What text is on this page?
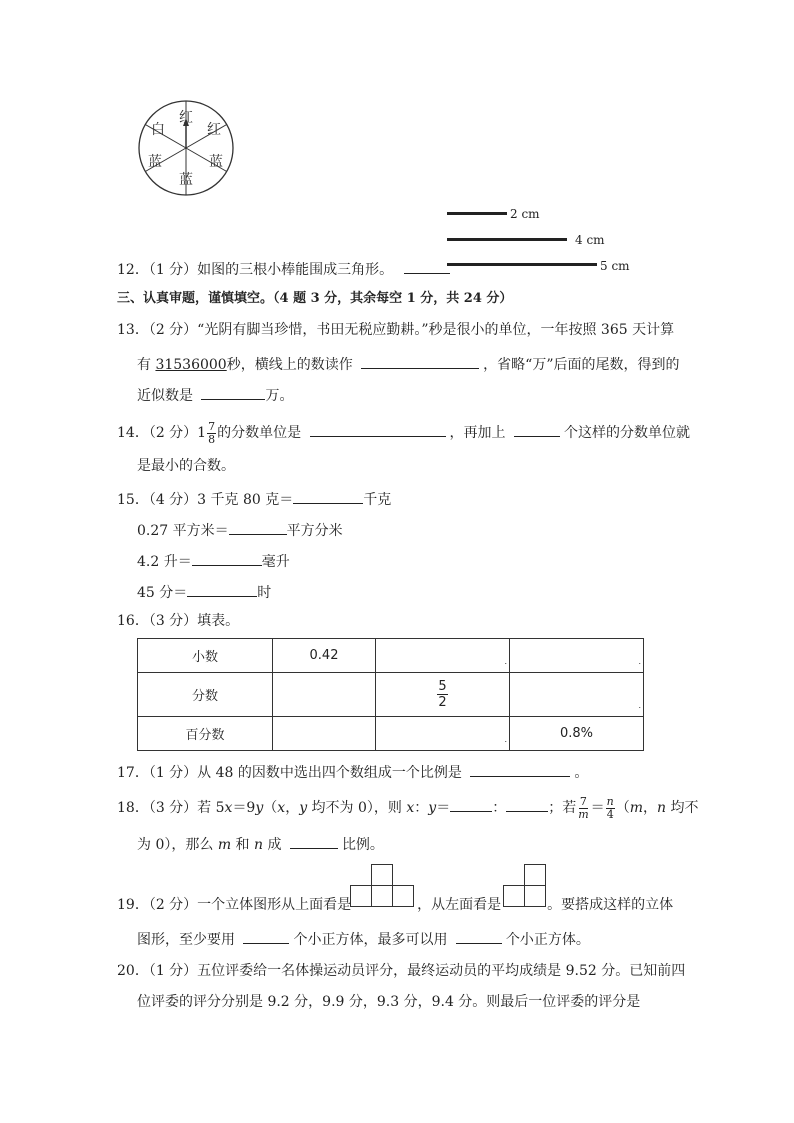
红
红
蓝
蓝
蓝
白
2 cm
4 cm
5 cm
12．（1 分）如图的三根小棒能围成三角形。
三、认真审题，谨慎填空。（4 题 3 分，其余每空 1 分，共 24 分）
13．（2 分）“光阴有脚当珍惜，书田无税应勤耕。”秒是很小的单位，一年按照 365 天计算
有 31536000秒，横线上的数读作	，省略“万”后面的尾数，得到的
近似数是	万。
14．（2 分）$1 \frac{7}{8}$ 的分数单位是	，再加上	个这样的分数单位就
是最小的合数。
15．（4 分）3 千克 80 克＝	千克
0.27 平方米＝	平方分米
4.2 升＝	毫升
45 分＝	时
16．（3 分）填表。
小数	0.42	.	.

分数		$\frac{5}{2}$	.

百分数		.	0.8%
17．（1 分）从 48 的因数中选出四个数组成一个比例是	。
18．（3 分）若 5x＝9y（x，y 均不为 0），则 x：y＝	：	；若 $\frac{7}{m} = \frac{n}{4} (m$，n 均不
为 0），那么 m 和 n 成	比例。
19．（2 分）一个立体图形从上面看是	，从左面看是	。要搭成这样的立体
图形，至少要用	个小正方体，最多可以用	个小正方体。
20．（1 分）五位评委给一名体操运动员评分，最终运动员的平均成绩是 9.52 分。已知前四
位评委的评分分别是 9.2 分，9.9 分，9.3 分，9.4 分。则最后一位评委的评分是
